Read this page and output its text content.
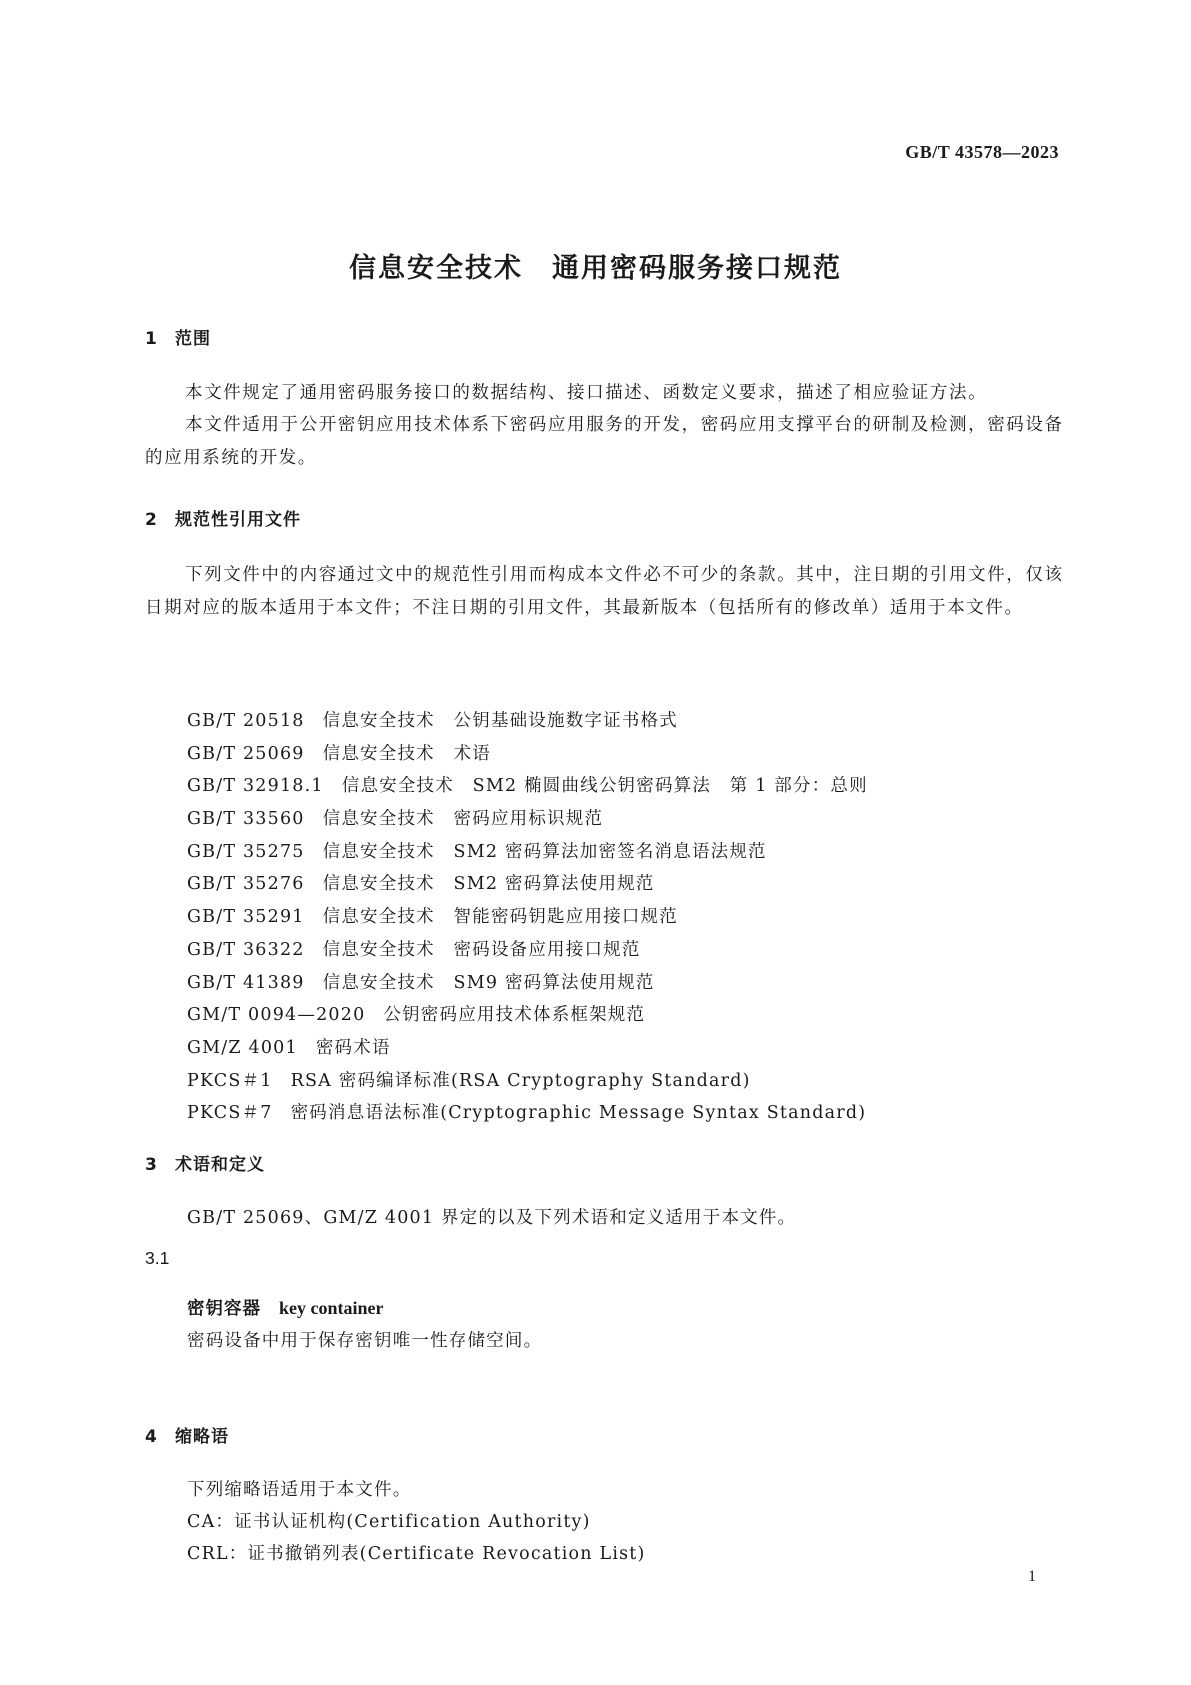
GB/T 43578—2023
信息安全技术　通用密码服务接口规范
1 范围
本文件规定了通用密码服务接口的数据结构、接口描述、函数定义要求，描述了相应验证方法。
本文件适用于公开密钥应用技术体系下密码应用服务的开发，密码应用支撑平台的研制及检测，密码设备的应用系统的开发。
2 规范性引用文件
下列文件中的内容通过文中的规范性引用而构成本文件必不可少的条款。其中，注日期的引用文件，仅该日期对应的版本适用于本文件；不注日期的引用文件，其最新版本（包括所有的修改单）适用于本文件。
GB/T 20518 信息安全技术　公钥基础设施数字证书格式
GB/T 25069 信息安全技术　术语
GB/T 32918.1 信息安全技术　SM2 椭圆曲线公钥密码算法　第 1 部分：总则
GB/T 33560 信息安全技术　密码应用标识规范
GB/T 35275 信息安全技术　SM2 密码算法加密签名消息语法规范
GB/T 35276 信息安全技术　SM2 密码算法使用规范
GB/T 35291 信息安全技术　智能密码钥匙应用接口规范
GB/T 36322 信息安全技术　密码设备应用接口规范
GB/T 41389 信息安全技术　SM9 密码算法使用规范
GM/T 0094—2020 公钥密码应用技术体系框架规范
GM/Z 4001 密码术语
PKCS＃1 RSA 密码编译标准(RSA Cryptography Standard)
PKCS＃7 密码消息语法标准(Cryptographic Message Syntax Standard)
3 术语和定义
GB/T 25069、GM/Z 4001 界定的以及下列术语和定义适用于本文件。
3.1
密钥容器 key container
密码设备中用于保存密钥唯一性存储空间。
4 缩略语
下列缩略语适用于本文件。
CA：证书认证机构(Certification Authority)
CRL：证书撤销列表(Certificate Revocation List)
1
